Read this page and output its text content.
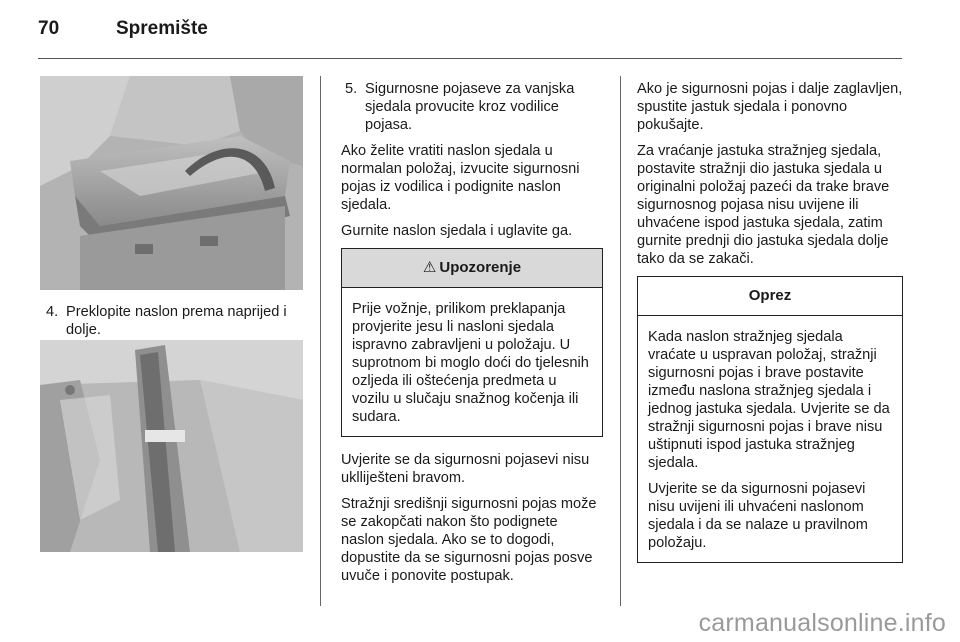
70	Spremište
4. Preklopite naslon prema naprijed i dolje.
5. Sigurnosne pojaseve za vanjska sjedala provucite kroz vodilice pojasa.

Ako želite vratiti naslon sjedala u normalan položaj, izvucite sigurnosni pojas iz vodilica i podignite naslon sjedala.

Gurnite naslon sjedala i uglavite ga.

⚠ Upozorenje

Prije vožnje, prilikom preklapanja provjerite jesu li nasloni sjedala ispravno zabravljeni u položaju. U suprotnom bi moglo doći do tjelesnih ozljeda ili oštećenja predmeta u vozilu u slučaju snažnog kočenja ili sudara.

Uvjerite se da sigurnosni pojasevi nisu uklliješteni bravom.

Stražnji središnji sigurnosni pojas može se zakopčati nakon što podignete naslon sjedala. Ako se to dogodi, dopustite da se sigurnosni pojas posve uvuče i ponovite postupak.

Ako je sigurnosni pojas i dalje zaglavljen, spustite jastuk sjedala i ponovno pokušajte.

Za vraćanje jastuka stražnjeg sjedala, postavite stražnji dio jastuka sjedala u originalni položaj pazeći da trake brave sigurnosnog pojasa nisu uvijene ili uhvaćene ispod jastuka sjedala, zatim gurnite prednji dio jastuka sjedala dolje tako da se zakači.

Oprez

Kada naslon stražnjeg sjedala vraćate u uspravan položaj, stražnji sigurnosni pojas i brave postavite između naslona stražnjeg sjedala i jednog jastuka sjedala. Uvjerite se da stražnji sigurnosni pojas i brave nisu uštipnuti ispod jastuka stražnjeg sjedala.

Uvjerite se da sigurnosni pojasevi nisu uvijeni ili uhvaćeni naslonom sjedala i da se nalaze u pravilnom položaju.

carmanualsonline.info
